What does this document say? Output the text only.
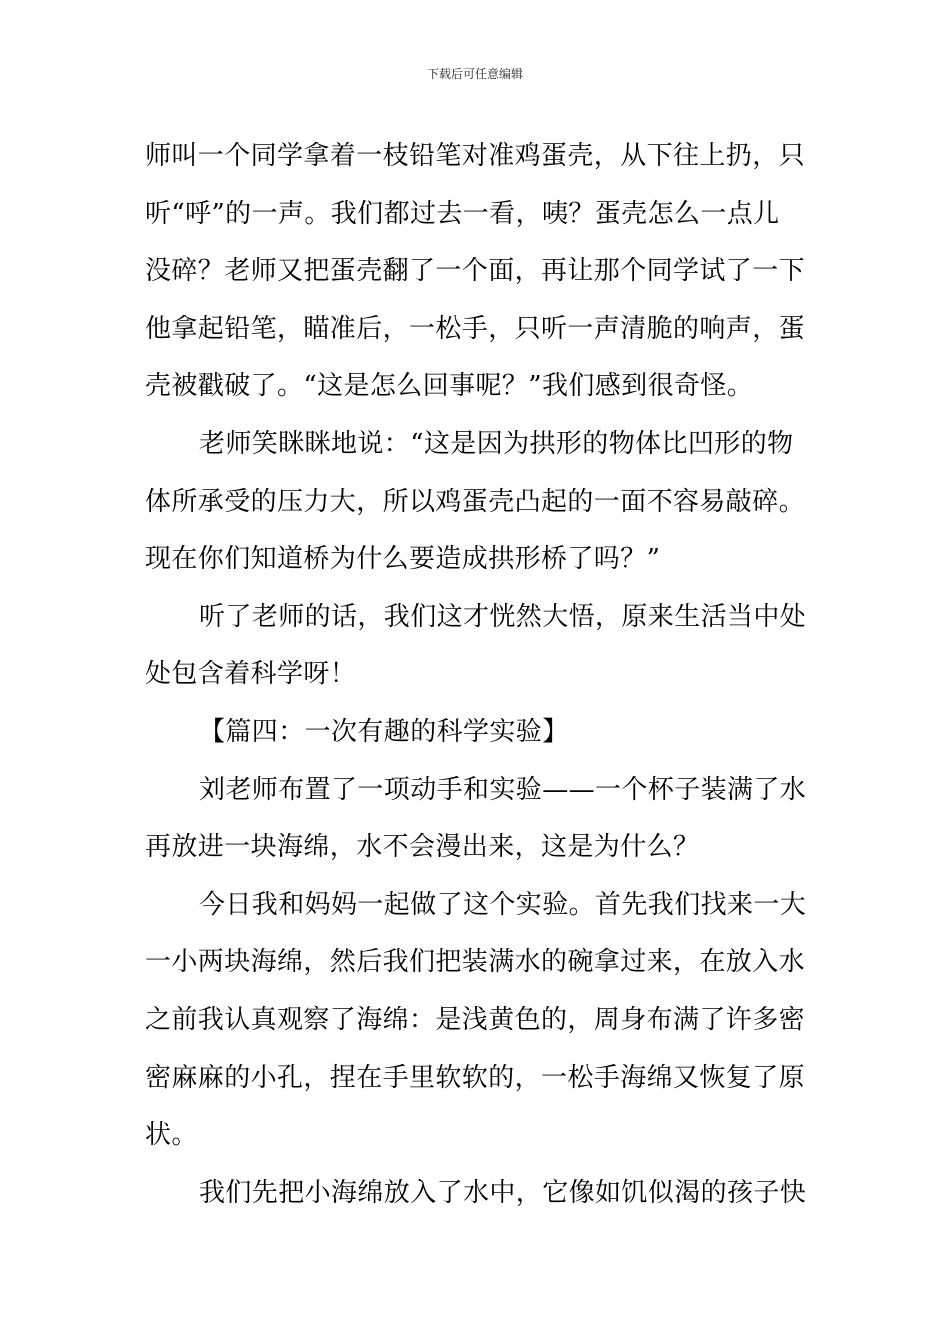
下载后可任意编辑
师叫一个同学拿着一枝铅笔对准鸡蛋壳，从下往上扔，只
听“呼”的一声。我们都过去一看，咦？蛋壳怎么一点儿
没碎？老师又把蛋壳翻了一个面，再让那个同学试了一下
他拿起铅笔，瞄准后，一松手，只听一声清脆的响声，蛋
壳被戳破了。“这是怎么回事呢？”我们感到很奇怪。
老师笑眯眯地说：“这是因为拱形的物体比凹形的物
体所承受的压力大，所以鸡蛋壳凸起的一面不容易敲碎。
现在你们知道桥为什么要造成拱形桥了吗？”
听了老师的话，我们这才恍然大悟，原来生活当中处
处包含着科学呀！
【篇四：一次有趣的科学实验】
刘老师布置了一项动手和实验——一个杯子装满了水
再放进一块海绵，水不会漫出来，这是为什么？
今日我和妈妈一起做了这个实验。首先我们找来一大
一小两块海绵，然后我们把装满水的碗拿过来，在放入水
之前我认真观察了海绵：是浅黄色的，周身布满了许多密
密麻麻的小孔，捏在手里软软的，一松手海绵又恢复了原
状。
我们先把小海绵放入了水中，它像如饥似渴的孩子快
